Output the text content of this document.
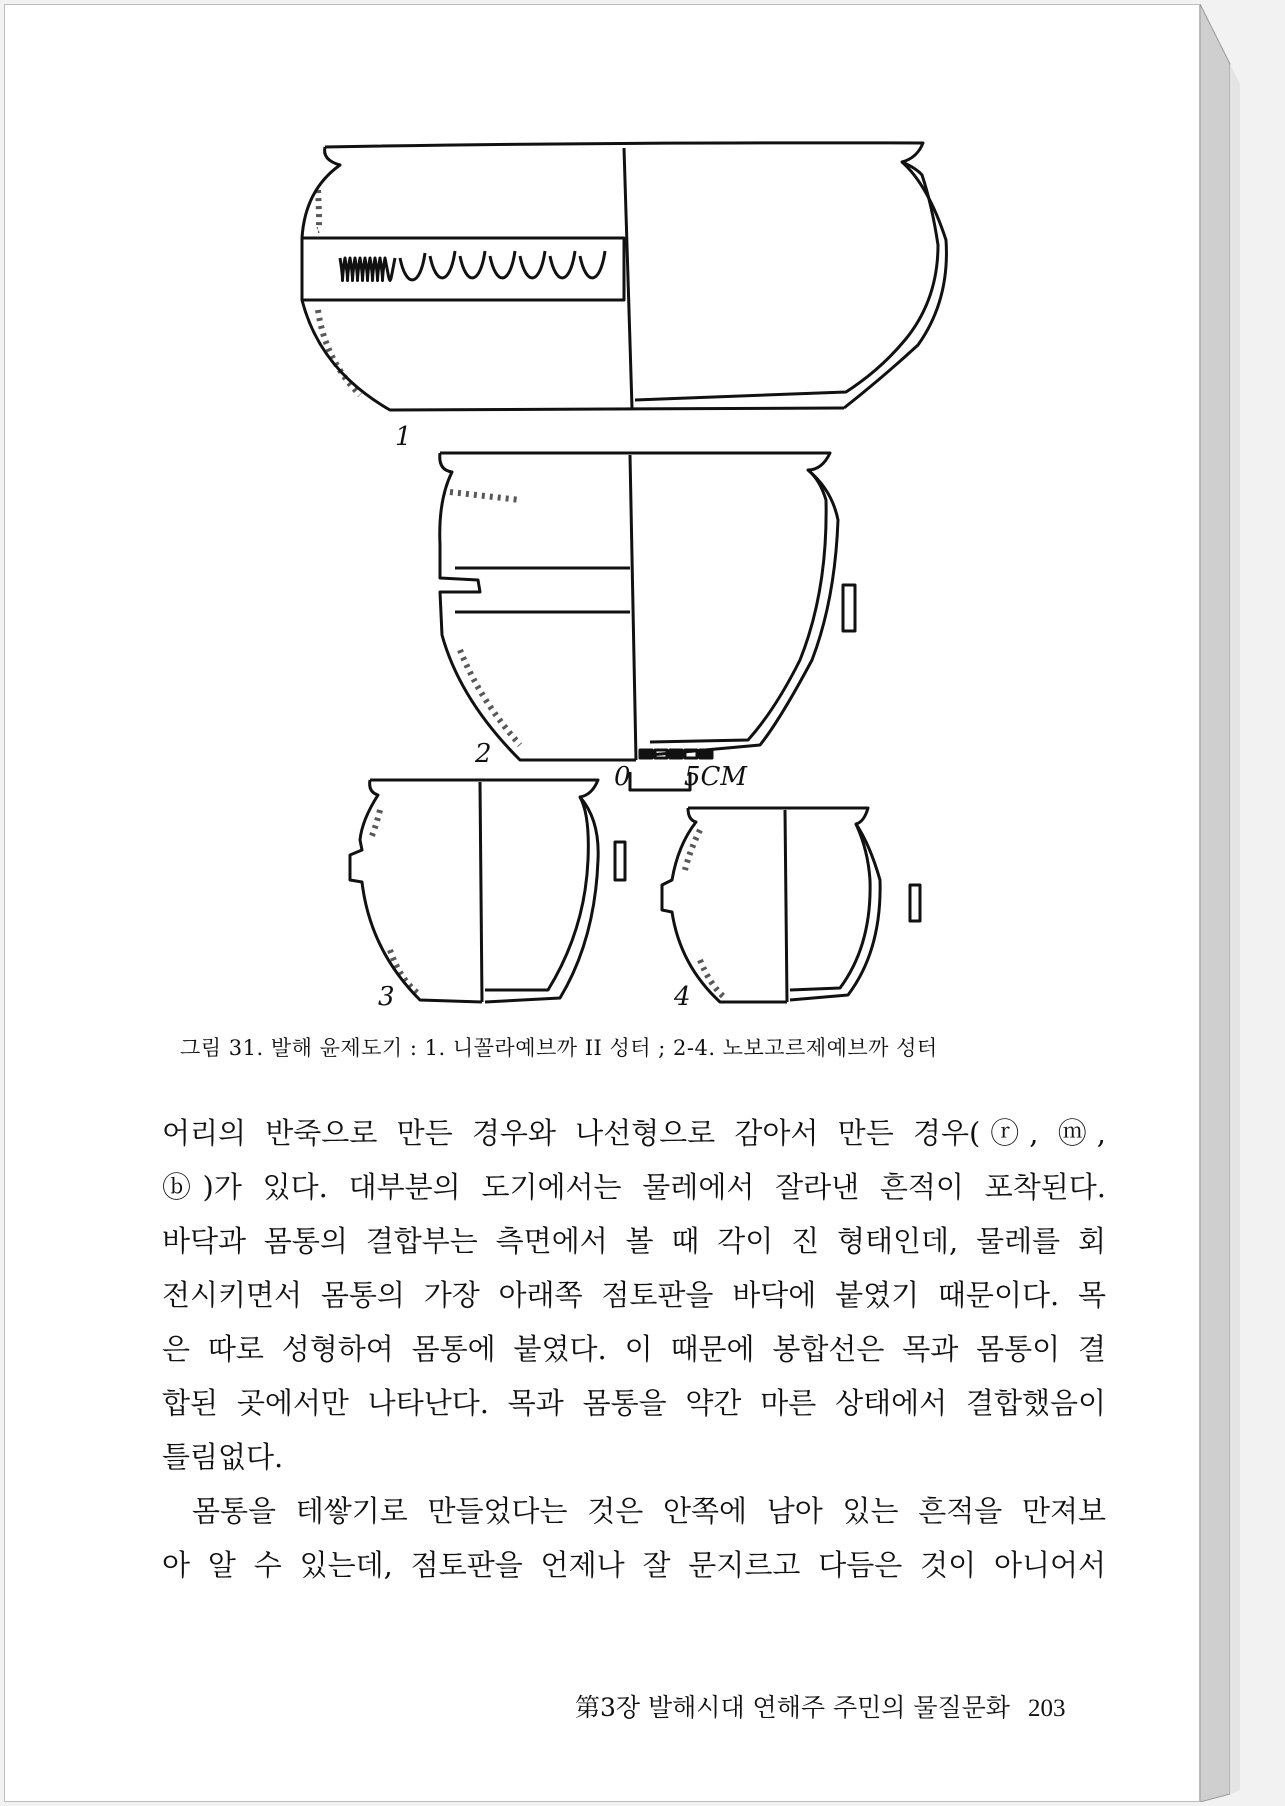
1
2
3	4
0 5CM
그림 31. 발해 윤제도기 : 1. 니꼴라예브까 II 성터 ; 2-4. 노보고르제예브까 성터

어리의 반죽으로 만든 경우와 나선형으로 감아서 만든 경우(ⓡ, ⓜ,
ⓑ)가 있다. 대부분의 도기에서는 물레에서 잘라낸 흔적이 포착된다.
바닥과 몸통의 결합부는 측면에서 볼 때 각이 진 형태인데, 물레를 회
전시키면서 몸통의 가장 아래쪽 점토판을 바닥에 붙였기 때문이다. 목
은 따로 성형하여 몸통에 붙였다. 이 때문에 봉합선은 목과 몸통이 결
합된 곳에서만 나타난다. 목과 몸통을 약간 마른 상태에서 결합했음이
틀림없다.

몸통을 테쌓기로 만들었다는 것은 안쪽에 남아 있는 흔적을 만져보
아 알 수 있는데, 점토판을 언제나 잘 문지르고 다듬은 것이 아니어서

第3장 발해시대 연해주 주민의 물질문화 203
